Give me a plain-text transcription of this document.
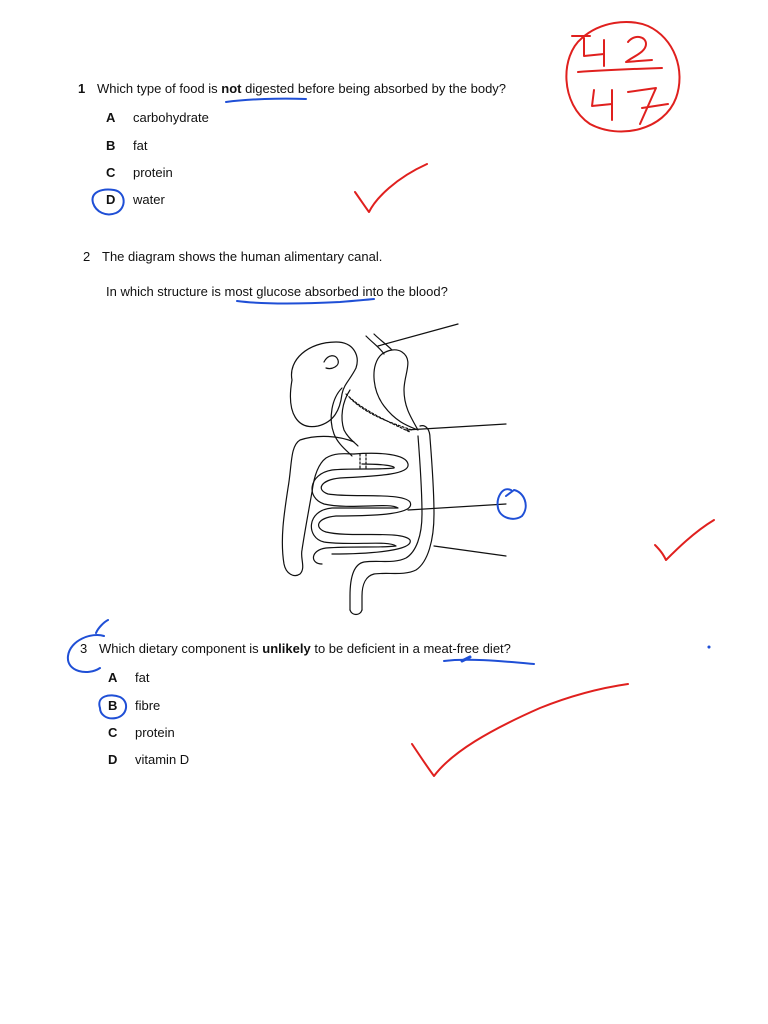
1 Which type of food is not digested before being absorbed by the body?
A carbohydrate
B fat
C protein
D water
2 The diagram shows the human alimentary canal.
In which structure is most glucose absorbed into the blood?
3 Which dietary component is unlikely to be deficient in a meat-free diet?
A fat
B fibre
C protein
D vitamin D
